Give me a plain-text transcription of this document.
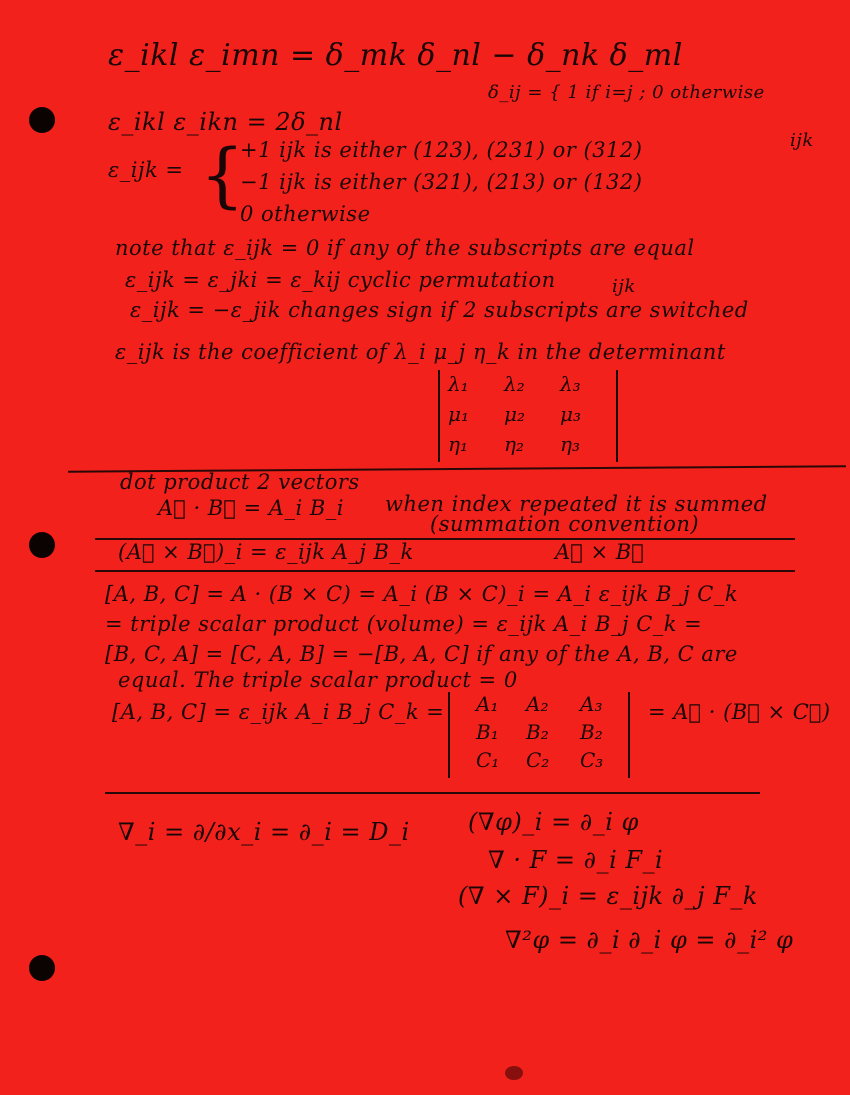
ε_ikl ε_imn = δ_mk δ_nl − δ_nk δ_ml
δ_ij = { 1 if i=j ; 0 otherwise
ε_ikl ε_ikn = 2δ_nl
ε_ijk = {
+1 ijk is either (123), (231) or (312)	ijk
−1 ijk is either (321), (213) or (132)
0 otherwise
note that ε_ijk = 0 if any of the subscripts are equal
ε_ijk = ε_jki = ε_kij cyclic permutation	ijk
ε_ijk = −ε_jik changes sign if 2 subscripts are switched
ε_ijk is the coefficient of λ_i μ_j η_k in the determinant
λ₁ λ₂ λ₃
μ₁ μ₂ μ₃
η₁ η₂ η₃
dot product 2 vectors
A⃗ · B⃗ = A_i B_i when index repeated it is summed
(summation convention)
(A⃗ × B⃗)_i = ε_ijk A_j B_k	A⃗ × B⃗
[A, B, C] = A · (B × C) = A_i (B × C)_i = A_i ε_ijk B_j C_k
= triple scalar product (volume) = ε_ijk A_i B_j C_k =
[B, C, A] = [C, A, B] = −[B, A, C] if any of the A, B, C are
equal. The triple scalar product = 0
[A, B, C] = ε_ijk A_i B_j C_k = A₁ A₂ A₃
B₁ B₂ B₂
C₁ C₂ C₃
= A⃗ · (B⃗ × C⃗)
∇_i = ∂/∂x_i = ∂_i = D_i (∇φ)_i = ∂_i φ
∇ · F = ∂_i F_i
(∇ × F)_i = ε_ijk ∂_j F_k
∇²φ = ∂_i ∂_i φ = ∂_i² φ
